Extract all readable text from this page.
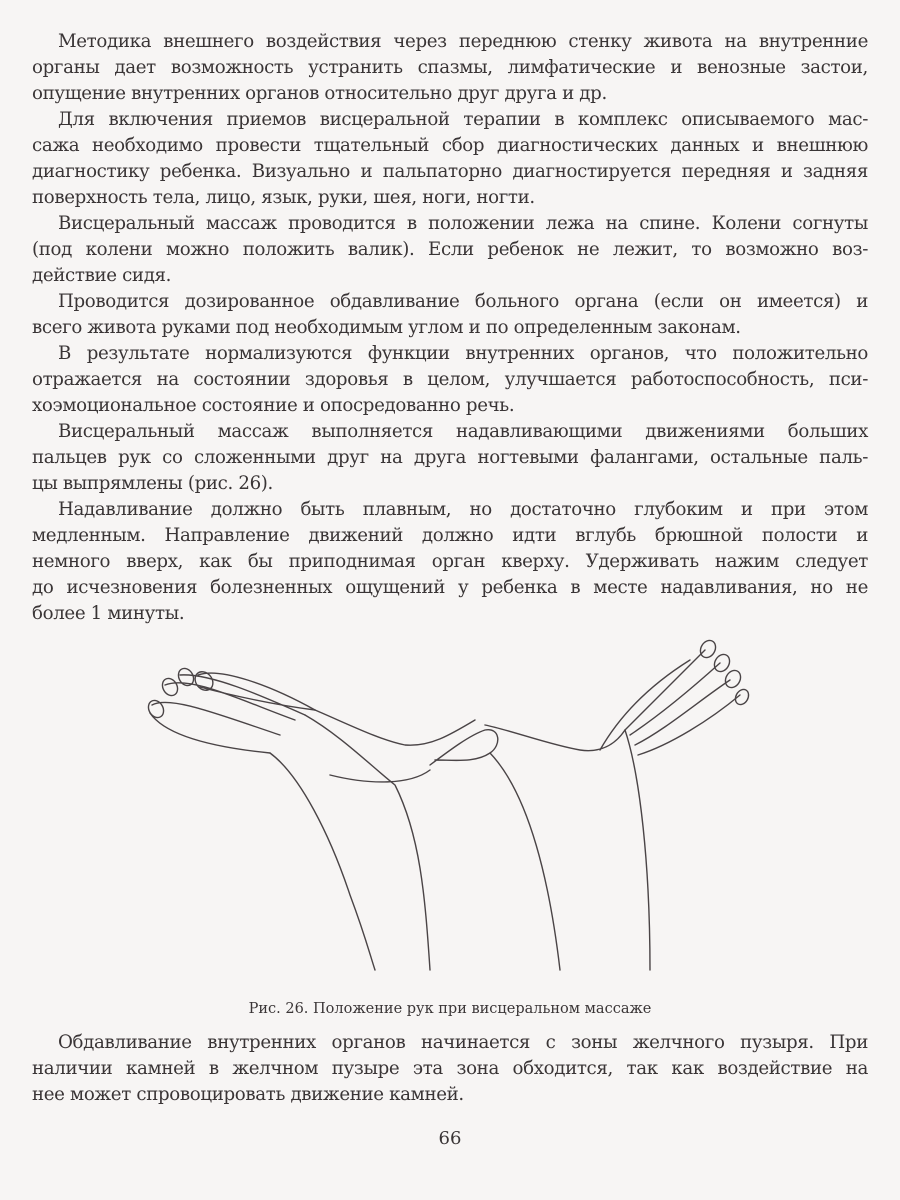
Методика внешнего воздействия через переднюю стенку живота на внутренние
органы дает возможность устранить спазмы, лимфатические и венозные застои,
опущение внутренних органов относительно друг друга и др.
Для включения приемов висцеральной терапии в комплекс описываемого мас-
сажа необходимо провести тщательный сбор диагностических данных и внешнюю
диагностику ребенка. Визуально и пальпаторно диагностируется передняя и задняя
поверхность тела, лицо, язык, руки, шея, ноги, ногти.
Висцеральный массаж проводится в положении лежа на спине. Колени согнуты
(под колени можно положить валик). Если ребенок не лежит, то возможно воз-
действие сидя.
Проводится дозированное обдавливание больного органа (если он имеется) и
всего живота руками под необходимым углом и по определенным законам.
В результате нормализуются функции внутренних органов, что положительно
отражается на состоянии здоровья в целом, улучшается работоспособность, пси-
хоэмоциональное состояние и опосредованно речь.
Висцеральный массаж выполняется надавливающими движениями больших
пальцев рук со сложенными друг на друга ногтевыми фалангами, остальные паль-
цы выпрямлены (рис. 26).
Надавливание должно быть плавным, но достаточно глубоким и при этом
медленным. Направление движений должно идти вглубь брюшной полости и
немного вверх, как бы приподнимая орган кверху. Удерживать нажим следует
до исчезновения болезненных ощущений у ребенка в месте надавливания, но не
более 1 минуты.
Рис. 26. Положение рук при висцеральном массаже
Обдавливание внутренних органов начинается с зоны желчного пузыря. При
наличии камней в желчном пузыре эта зона обходится, так как воздействие на
нее может спровоцировать движение камней.
66
